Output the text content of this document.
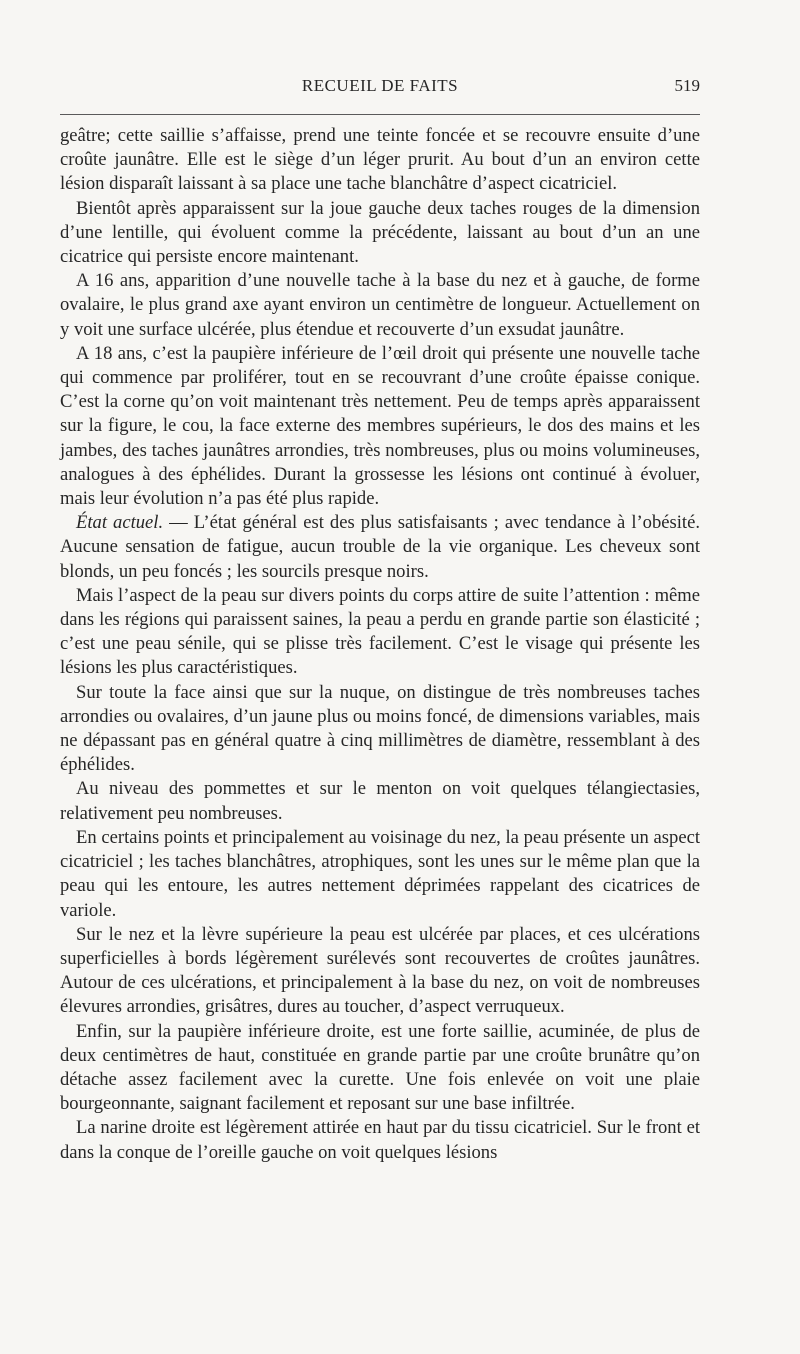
RECUEIL DE FAITS	519

geâtre; cette saillie s’affaisse, prend une teinte foncée et se recouvre ensuite d’une croûte jaunâtre. Elle est le siège d’un léger prurit. Au bout d’un an environ cette lésion disparaît laissant à sa place une tache blanchâtre d’aspect cicatriciel.

Bientôt après apparaissent sur la joue gauche deux taches rouges de la dimension d’une lentille, qui évoluent comme la précédente, laissant au bout d’un an une cicatrice qui persiste encore maintenant.

A 16 ans, apparition d’une nouvelle tache à la base du nez et à gauche, de forme ovalaire, le plus grand axe ayant environ un centimètre de longueur. Actuellement on y voit une surface ulcérée, plus étendue et recouverte d’un exsudat jaunâtre.

A 18 ans, c’est la paupière inférieure de l’œil droit qui présente une nouvelle tache qui commence par proliférer, tout en se recouvrant d’une croûte épaisse conique. C’est la corne qu’on voit maintenant très nettement. Peu de temps après apparaissent sur la figure, le cou, la face externe des membres supérieurs, le dos des mains et les jambes, des taches jaunâtres arrondies, très nombreuses, plus ou moins volumineuses, analogues à des éphélides. Durant la grossesse les lésions ont continué à évoluer, mais leur évolution n’a pas été plus rapide.

État actuel. — L’état général est des plus satisfaisants ; avec tendance à l’obésité. Aucune sensation de fatigue, aucun trouble de la vie organique. Les cheveux sont blonds, un peu foncés ; les sourcils presque noirs.

Mais l’aspect de la peau sur divers points du corps attire de suite l’attention : même dans les régions qui paraissent saines, la peau a perdu en grande partie son élasticité ; c’est une peau sénile, qui se plisse très facilement. C’est le visage qui présente les lésions les plus caractéristiques.

Sur toute la face ainsi que sur la nuque, on distingue de très nombreuses taches arrondies ou ovalaires, d’un jaune plus ou moins foncé, de dimensions variables, mais ne dépassant pas en général quatre à cinq millimètres de diamètre, ressemblant à des éphélides.

Au niveau des pommettes et sur le menton on voit quelques télangiectasies, relativement peu nombreuses.

En certains points et principalement au voisinage du nez, la peau présente un aspect cicatriciel ; les taches blanchâtres, atrophiques, sont les unes sur le même plan que la peau qui les entoure, les autres nettement déprimées rappelant des cicatrices de variole.

Sur le nez et la lèvre supérieure la peau est ulcérée par places, et ces ulcérations superficielles à bords légèrement surélevés sont recouvertes de croûtes jaunâtres. Autour de ces ulcérations, et principalement à la base du nez, on voit de nombreuses élevures arrondies, grisâtres, dures au toucher, d’aspect verruqueux.

Enfin, sur la paupière inférieure droite, est une forte saillie, acuminée, de plus de deux centimètres de haut, constituée en grande partie par une croûte brunâtre qu’on détache assez facilement avec la curette. Une fois enlevée on voit une plaie bourgeonnante, saignant facilement et reposant sur une base infiltrée.

La narine droite est légèrement attirée en haut par du tissu cicatriciel. Sur le front et dans la conque de l’oreille gauche on voit quelques lésions
